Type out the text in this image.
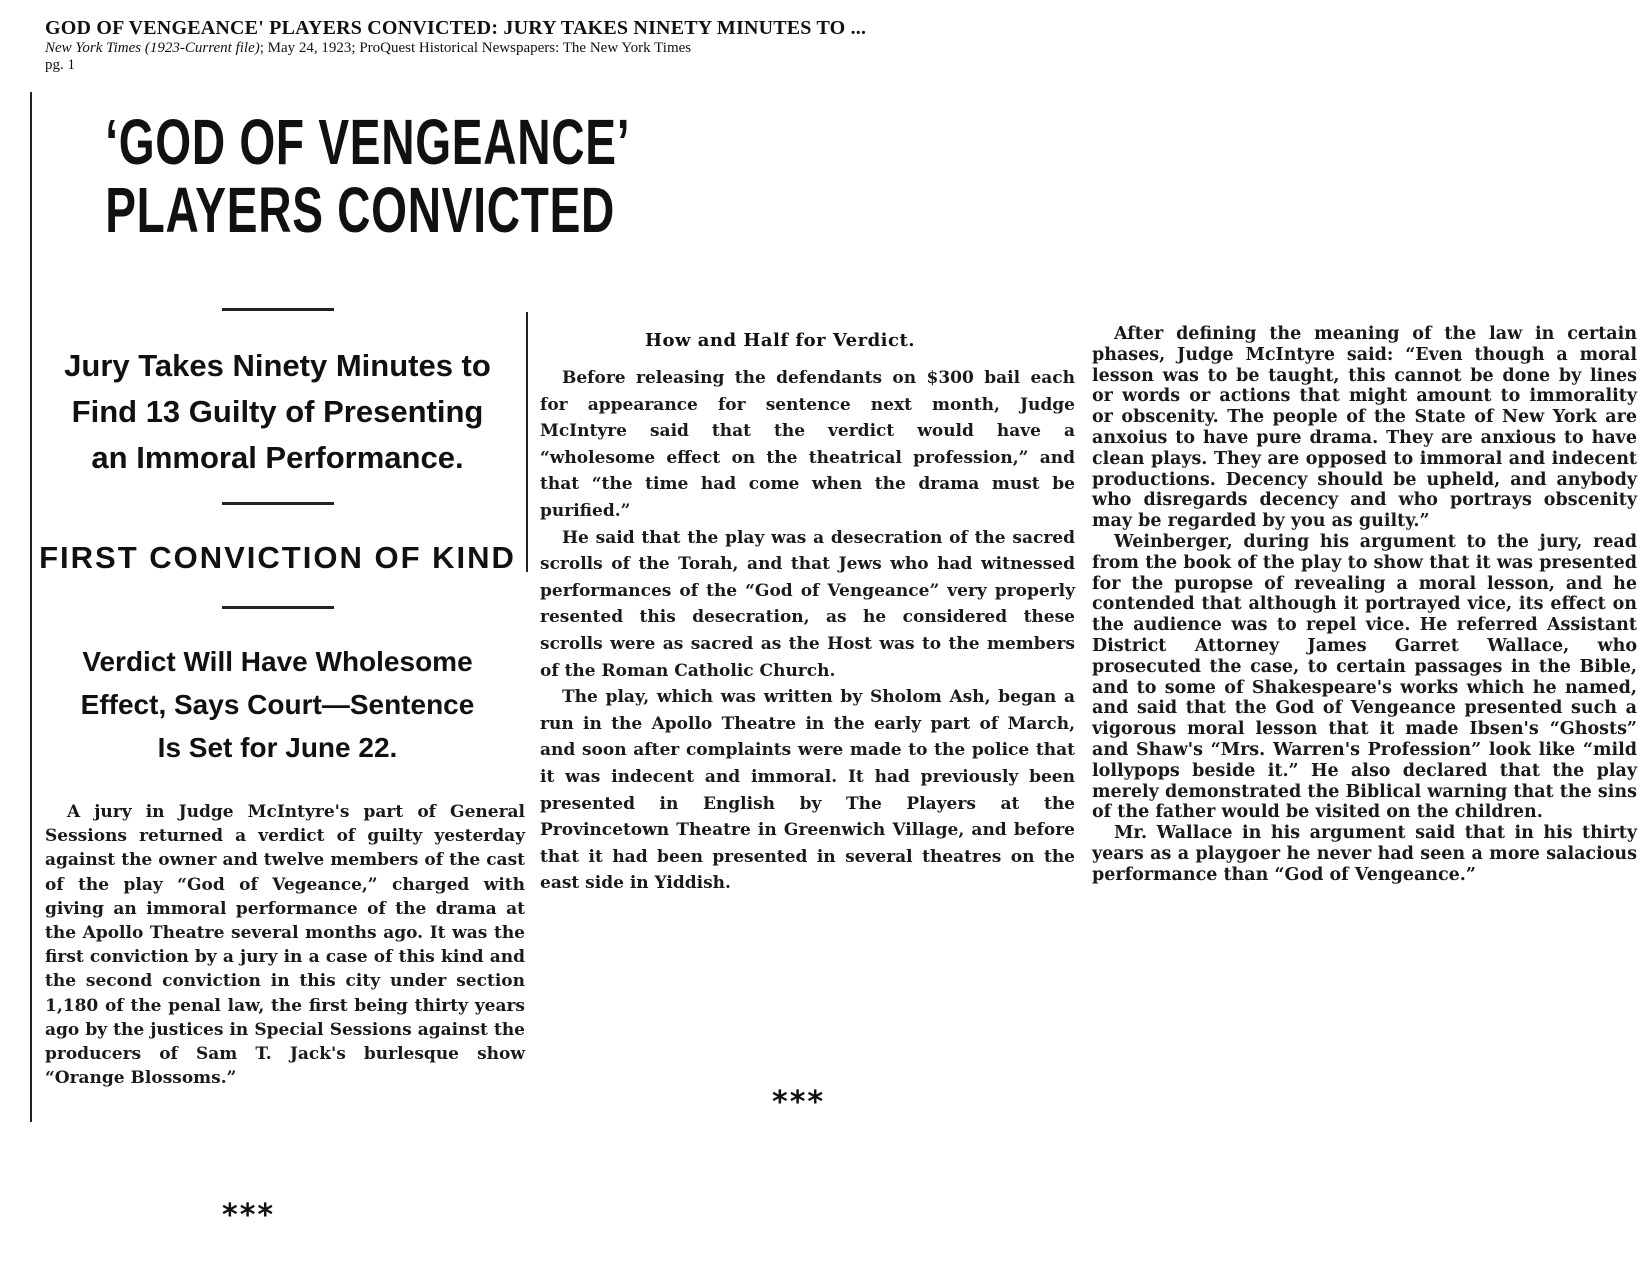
GOD OF VENGEANCE' PLAYERS CONVICTED: JURY TAKES NINETY MINUTES TO ...
New York Times (1923-Current file); May 24, 1923; ProQuest Historical Newspapers: The New York Times
pg. 1
‘GOD OF VENGEANCE’
PLAYERS CONVICTED
Jury Takes Ninety Minutes to
Find 13 Guilty of Presenting
an Immoral Performance.
FIRST CONVICTION OF KIND
Verdict Will Have Wholesome
Effect, Says Court—Sentence
Is Set for June 22.

A jury in Judge McIntyre's part of General Sessions returned a verdict of guilty yesterday against the owner and twelve members of the cast of the play “God of Vegeance,” charged with giving an immoral performance of the drama at the Apollo Theatre several months ago. It was the first conviction by a jury in a case of this kind and the second conviction in this city under section 1,180 of the penal law, the first being thirty years ago by the justices in Special Sessions against the producers of Sam T. Jack's burlesque show “Orange Blossoms.”

***
How and Half for Verdict.

Before releasing the defendants on $300 bail each for appearance for sentence next month, Judge McIntyre said that the verdict would have a “wholesome effect on the theatrical profession,” and that “the time had come when the drama must be purified.”

He said that the play was a desecration of the sacred scrolls of the Torah, and that Jews who had witnessed performances of the “God of Vengeance” very properly resented this desecration, as he considered these scrolls were as sacred as the Host was to the members of the Roman Catholic Church.

The play, which was written by Sholom Ash, began a run in the Apollo Theatre in the early part of March, and soon after complaints were made to the police that it was indecent and immoral. It had previously been presented in English by The Players at the Provincetown Theatre in Greenwich Village, and before that it had been presented in several theatres on the east side in Yiddish.

***

After defining the meaning of the law in certain phases, Judge McIntyre said: “Even though a moral lesson was to be taught, this cannot be done by lines or words or actions that might amount to immorality or obscenity. The people of the State of New York are anxoius to have pure drama. They are anxious to have clean plays. They are opposed to immoral and indecent productions. Decency should be upheld, and anybody who disregards decency and who portrays obscenity may be regarded by you as guilty.”

Weinberger, during his argument to the jury, read from the book of the play to show that it was presented for the puropse of revealing a moral lesson, and he contended that although it portrayed vice, its effect on the audience was to repel vice. He referred Assistant District Attorney James Garret Wallace, who prosecuted the case, to certain passages in the Bible, and to some of Shakespeare's works which he named, and said that the God of Vengeance presented such a vigorous moral lesson that it made Ibsen's “Ghosts” and Shaw's “Mrs. Warren's Profession” look like “mild lollypops beside it.” He also declared that the play merely demonstrated the Biblical warning that the sins of the father would be visited on the children.

Mr. Wallace in his argument said that in his thirty years as a playgoer he never had seen a more salacious performance than “God of Vengeance.”
